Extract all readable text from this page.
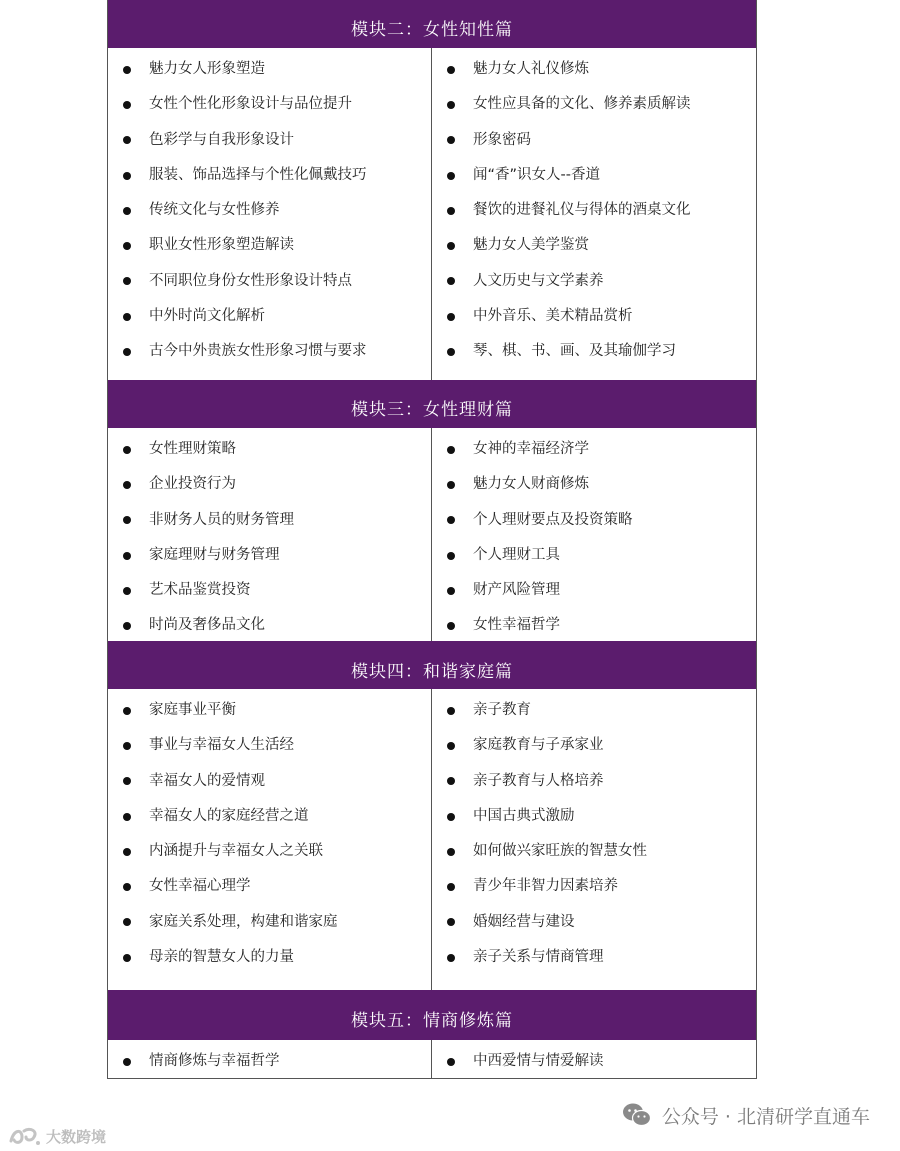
模块二：女性知性篇
魅力女人形象塑造
女性个性化形象设计与品位提升
色彩学与自我形象设计
服装、饰品选择与个性化佩戴技巧
传统文化与女性修养
职业女性形象塑造解读
不同职位身份女性形象设计特点
中外时尚文化解析
古今中外贵族女性形象习惯与要求
魅力女人礼仪修炼
女性应具备的文化、修养素质解读
形象密码
闻“香”识女人--香道
餐饮的进餐礼仪与得体的酒桌文化
魅力女人美学鉴赏
人文历史与文学素养
中外音乐、美术精品赏析
琴、棋、书、画、及其瑜伽学习
模块三：女性理财篇
女性理财策略
企业投资行为
非财务人员的财务管理
家庭理财与财务管理
艺术品鉴赏投资
时尚及奢侈品文化
女神的幸福经济学
魅力女人财商修炼
个人理财要点及投资策略
个人理财工具
财产风险管理
女性幸福哲学
模块四：和谐家庭篇
家庭事业平衡
事业与幸福女人生活经
幸福女人的爱情观
幸福女人的家庭经营之道
内涵提升与幸福女人之关联
女性幸福心理学
家庭关系处理，构建和谐家庭
母亲的智慧女人的力量
亲子教育
家庭教育与子承家业
亲子教育与人格培养
中国古典式激励
如何做兴家旺族的智慧女性
青少年非智力因素培养
婚姻经营与建设
亲子关系与情商管理
模块五：情商修炼篇
情商修炼与幸福哲学	中西爱情与情爱解读
公众号 · 北清研学直通车
大数跨境
